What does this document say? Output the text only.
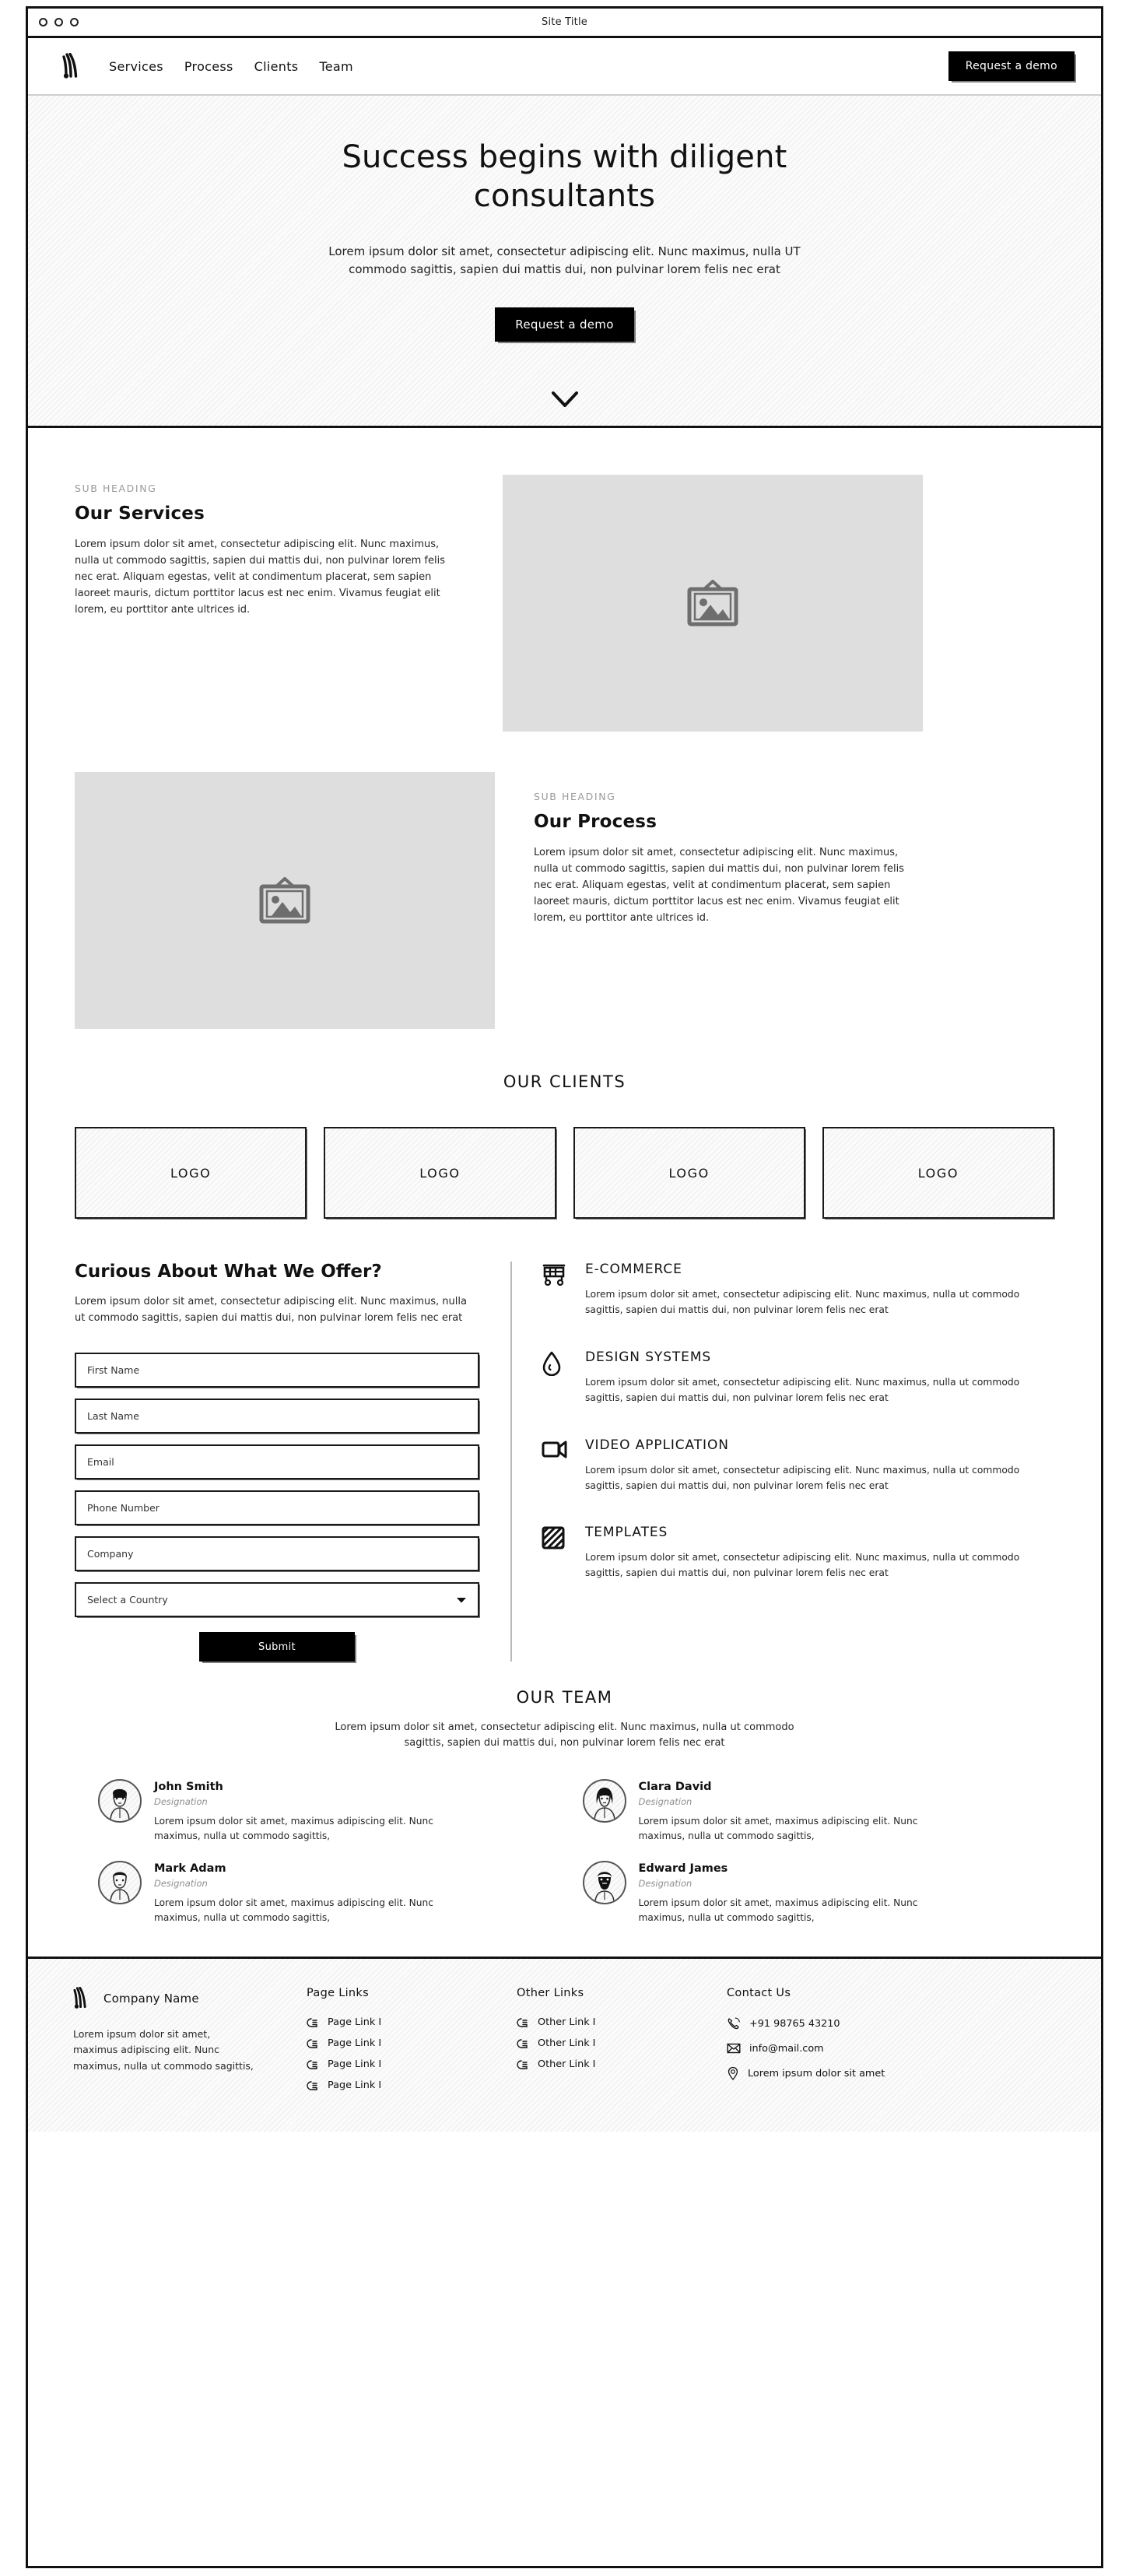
Site Title
Services Process Clients Team	Request a demo
Success begins with diligent consultants

Lorem ipsum dolor sit amet, consectetur adipiscing elit. Nunc maximus, nulla UT commodo sagittis, sapien dui mattis dui, non pulvinar lorem felis nec erat

Request a demo
SUB HEADING
Our Services

Lorem ipsum dolor sit amet, consectetur adipiscing elit. Nunc maximus, nulla ut commodo sagittis, sapien dui mattis dui, non pulvinar lorem felis nec erat. Aliquam egestas, velit at condimentum placerat, sem sapien laoreet mauris, dictum porttitor lacus est nec enim. Vivamus feugiat elit lorem, eu porttitor ante ultrices id.

SUB HEADING
Our Process

Lorem ipsum dolor sit amet, consectetur adipiscing elit. Nunc maximus, nulla ut commodo sagittis, sapien dui mattis dui, non pulvinar lorem felis nec erat. Aliquam egestas, velit at condimentum placerat, sem sapien laoreet mauris, dictum porttitor lacus est nec enim. Vivamus feugiat elit lorem, eu porttitor ante ultrices id.

OUR CLIENTS
LOGO	LOGO	LOGO	LOGO
Curious About What We Offer?

Lorem ipsum dolor sit amet, consectetur adipiscing elit. Nunc maximus, nulla ut commodo sagittis, sapien dui mattis dui, non pulvinar lorem felis nec erat

First Name
Last Name
Email
Phone Number
Company
Select a Country
Submit
E-COMMERCE

Lorem ipsum dolor sit amet, consectetur adipiscing elit. Nunc maximus, nulla ut commodo sagittis, sapien dui mattis dui, non pulvinar lorem felis nec erat

DESIGN SYSTEMS

Lorem ipsum dolor sit amet, consectetur adipiscing elit. Nunc maximus, nulla ut commodo sagittis, sapien dui mattis dui, non pulvinar lorem felis nec erat

VIDEO APPLICATION

Lorem ipsum dolor sit amet, consectetur adipiscing elit. Nunc maximus, nulla ut commodo sagittis, sapien dui mattis dui, non pulvinar lorem felis nec erat

TEMPLATES

Lorem ipsum dolor sit amet, consectetur adipiscing elit. Nunc maximus, nulla ut commodo sagittis, sapien dui mattis dui, non pulvinar lorem felis nec erat

OUR TEAM

Lorem ipsum dolor sit amet, consectetur adipiscing elit. Nunc maximus, nulla ut commodo sagittis, sapien dui mattis dui, non pulvinar lorem felis nec erat

John Smith
Designation

Lorem ipsum dolor sit amet, maximus adipiscing elit. Nunc maximus, nulla ut commodo sagittis,

Clara David
Designation

Lorem ipsum dolor sit amet, maximus adipiscing elit. Nunc maximus, nulla ut commodo sagittis,

Mark Adam
Designation

Lorem ipsum dolor sit amet, maximus adipiscing elit. Nunc maximus, nulla ut commodo sagittis,

Edward James
Designation

Lorem ipsum dolor sit amet, maximus adipiscing elit. Nunc maximus, nulla ut commodo sagittis,

Company Name

Lorem ipsum dolor sit amet, maximus adipiscing elit. Nunc maximus, nulla ut commodo sagittis,

Page Links
Page Link I
Page Link I
Page Link I
Page Link I
Other Links
Other Link I
Other Link I
Other Link I
Contact Us
+91 98765 43210
info@mail.com
Lorem ipsum dolor sit amet
